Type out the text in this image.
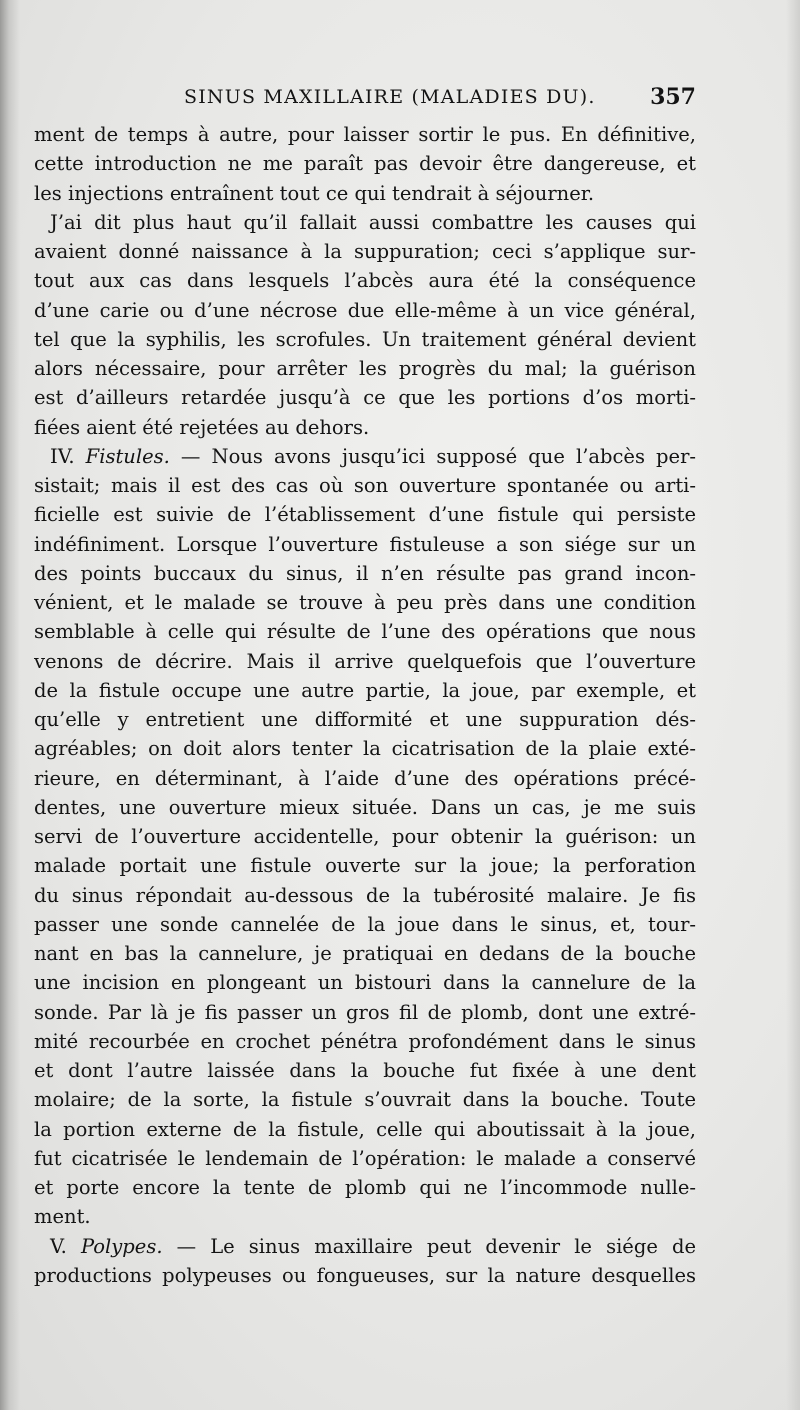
SINUS MAXILLAIRE (MALADIES DU). 357
ment de temps à autre, pour laisser sortir le pus. En définitive,
cette introduction ne me paraît pas devoir être dangereuse, et
les injections entraînent tout ce qui tendrait à séjourner.
J’ai dit plus haut qu’il fallait aussi combattre les causes qui
avaient donné naissance à la suppuration; ceci s’applique sur-
tout aux cas dans lesquels l’abcès aura été la conséquence
d’une carie ou d’une nécrose due elle-même à un vice général,
tel que la syphilis, les scrofules. Un traitement général devient
alors nécessaire, pour arrêter les progrès du mal; la guérison
est d’ailleurs retardée jusqu’à ce que les portions d’os morti-
fiées aient été rejetées au dehors.
IV. Fistules. — Nous avons jusqu’ici supposé que l’abcès per-
sistait; mais il est des cas où son ouverture spontanée ou arti-
ficielle est suivie de l’établissement d’une fistule qui persiste
indéfiniment. Lorsque l’ouverture fistuleuse a son siége sur un
des points buccaux du sinus, il n’en résulte pas grand incon-
vénient, et le malade se trouve à peu près dans une condition
semblable à celle qui résulte de l’une des opérations que nous
venons de décrire. Mais il arrive quelquefois que l’ouverture
de la fistule occupe une autre partie, la joue, par exemple, et
qu’elle y entretient une difformité et une suppuration dés-
agréables; on doit alors tenter la cicatrisation de la plaie exté-
rieure, en déterminant, à l’aide d’une des opérations précé-
dentes, une ouverture mieux située. Dans un cas, je me suis
servi de l’ouverture accidentelle, pour obtenir la guérison: un
malade portait une fistule ouverte sur la joue; la perforation
du sinus répondait au-dessous de la tubérosité malaire. Je fis
passer une sonde cannelée de la joue dans le sinus, et, tour-
nant en bas la cannelure, je pratiquai en dedans de la bouche
une incision en plongeant un bistouri dans la cannelure de la
sonde. Par là je fis passer un gros fil de plomb, dont une extré-
mité recourbée en crochet pénétra profondément dans le sinus
et dont l’autre laissée dans la bouche fut fixée à une dent
molaire; de la sorte, la fistule s’ouvrait dans la bouche. Toute
la portion externe de la fistule, celle qui aboutissait à la joue,
fut cicatrisée le lendemain de l’opération: le malade a conservé
et porte encore la tente de plomb qui ne l’incommode nulle-
ment.
V. Polypes. — Le sinus maxillaire peut devenir le siége de
productions polypeuses ou fongueuses, sur la nature desquelles
